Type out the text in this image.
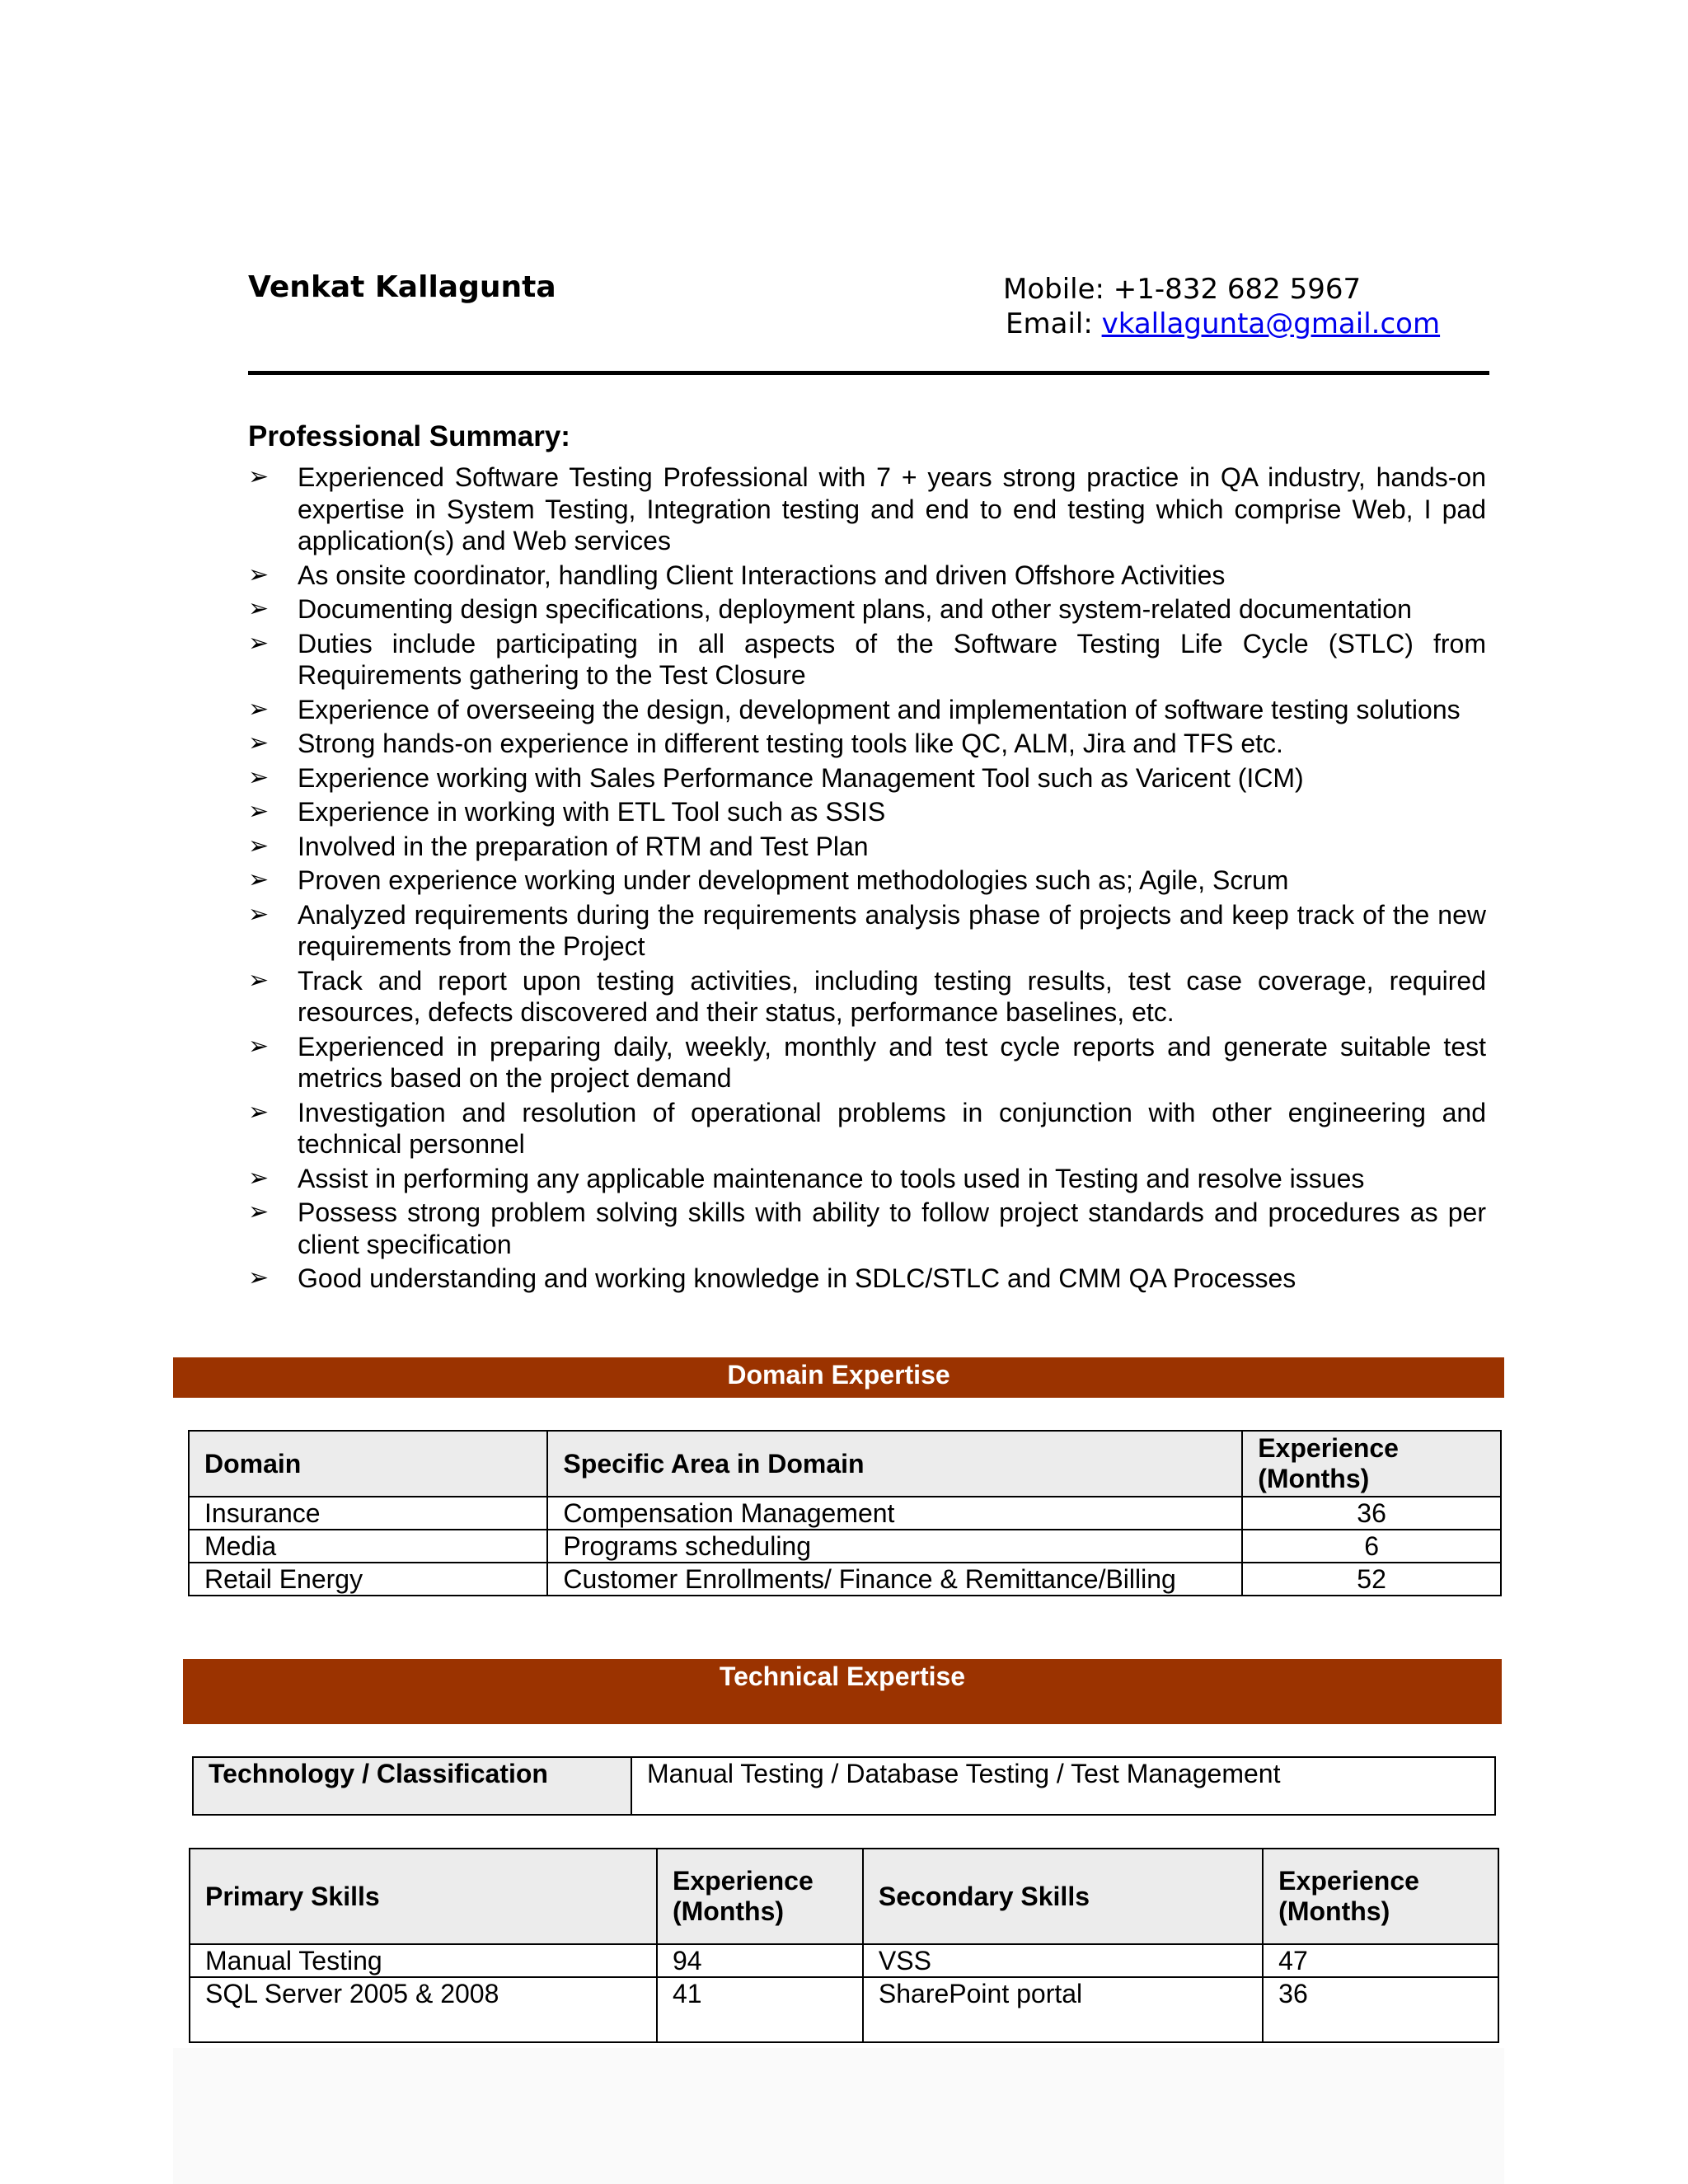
Venkat Kallagunta	Mobile: +1-832 682 5967
Email: vkallagunta@gmail.com
Professional Summary:
➢ Experienced Software Testing Professional with 7 + years strong practice in QA industry, hands-on expertise in System Testing, Integration testing and end to end testing which comprise Web, I pad application(s) and Web services
➢ As onsite coordinator, handling Client Interactions and driven Offshore Activities
➢ Documenting design specifications, deployment plans, and other system-related documentation
➢ Duties include participating in all aspects of the Software Testing Life Cycle (STLC) from Requirements gathering to the Test Closure
➢ Experience of overseeing the design, development and implementation of software testing solutions
➢ Strong hands-on experience in different testing tools like QC, ALM, Jira and TFS etc.
➢ Experience working with Sales Performance Management Tool such as Varicent (ICM)
➢ Experience in working with ETL Tool such as SSIS
➢ Involved in the preparation of RTM and Test Plan
➢ Proven experience working under development methodologies such as; Agile, Scrum
➢ Analyzed requirements during the requirements analysis phase of projects and keep track of the new requirements from the Project
➢ Track and report upon testing activities, including testing results, test case coverage, required resources, defects discovered and their status, performance baselines, etc.
➢ Experienced in preparing daily, weekly, monthly and test cycle reports and generate suitable test metrics based on the project demand
➢ Investigation and resolution of operational problems in conjunction with other engineering and technical personnel
➢ Assist in performing any applicable maintenance to tools used in Testing and resolve issues
➢ Possess strong problem solving skills with ability to follow project standards and procedures as per client specification
➢ Good understanding and working knowledge in SDLC/STLC and CMM QA Processes
Domain Expertise
Domain	Specific Area in Domain	Experience (Months)
Insurance	Compensation Management	36
Media	Programs scheduling	6
Retail Energy	Customer Enrollments/ Finance & Remittance/Billing	52
Technical Expertise
Technology / Classification	Manual Testing / Database Testing / Test Management
Primary Skills	Experience (Months)	Secondary Skills	Experience (Months)
Manual Testing	94	VSS	47
SQL Server 2005 & 2008	41	SharePoint portal	36
